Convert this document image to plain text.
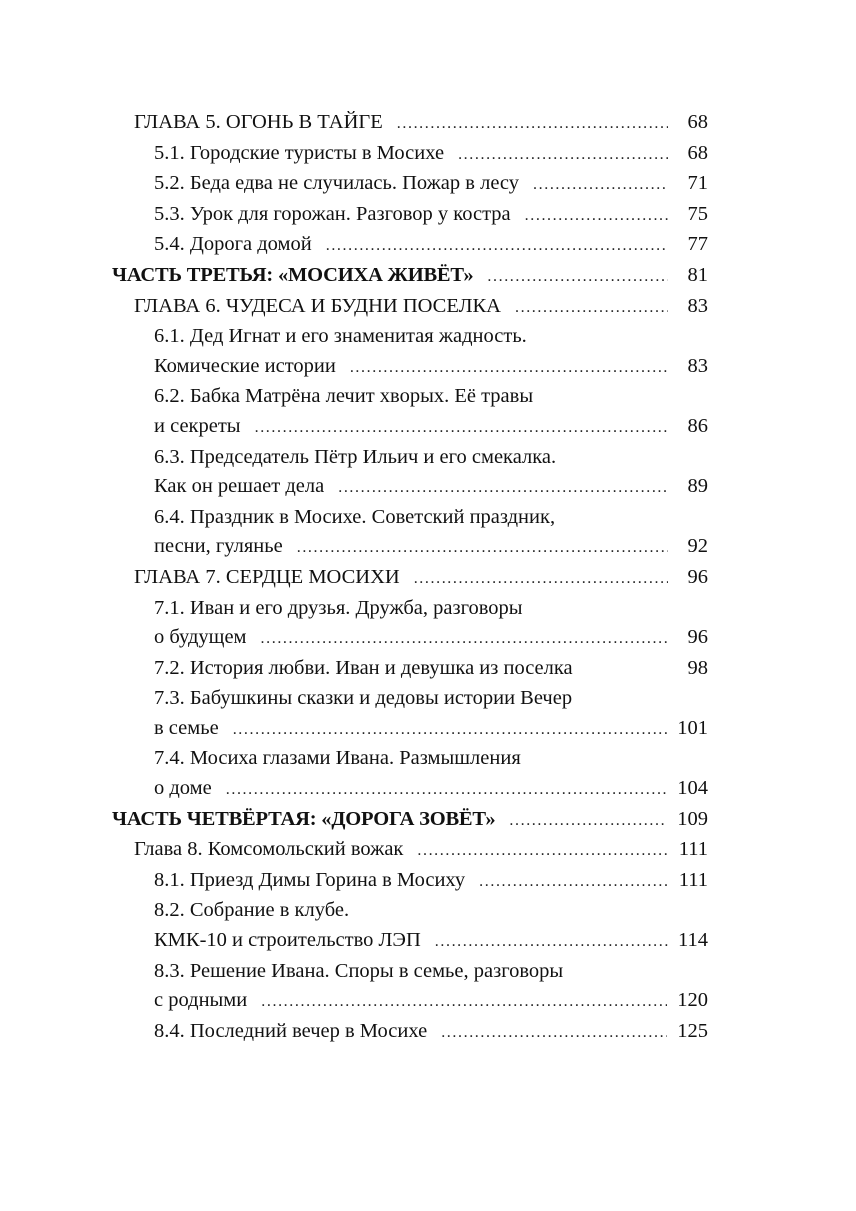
ГЛАВА 5. ОГОНЬ В ТАЙГЕ . . .	68
5.1. Городские туристы в Мосихе . . .	68
5.2. Беда едва не случилась. Пожар в лесу . . .	71
5.3. Урок для горожан. Разговор у костра . . .	75
5.4. Дорога домой . . .	77
ЧАСТЬ ТРЕТЬЯ: «МОСИХА ЖИВЁТ» . . .	81
ГЛАВА 6. ЧУДЕСА И БУДНИ ПОСЕЛКА . . .	83
6.1. Дед Игнат и его знаменитая жадность.
Комические истории . . .	83
6.2. Бабка Матрёна лечит хворых. Её травы
и секреты . . .	86
6.3. Председатель Пётр Ильич и его смекалка.
Как он решает дела . . .	89
6.4. Праздник в Мосихе. Советский праздник,
песни, гулянье . . .	92
ГЛАВА 7. СЕРДЦЕ МОСИХИ . . .	96
7.1. Иван и его друзья. Дружба, разговоры
о будущем . . .	96
7.2. История любви. Иван и девушка из поселка	98
7.3. Бабушкины сказки и дедовы истории Вечер
в семье . . .	101
7.4. Мосиха глазами Ивана. Размышления
о доме . . .	104
ЧАСТЬ ЧЕТВЁРТАЯ: «ДОРОГА ЗОВЁТ» . . .	109
Глава 8. Комсомольский вожак . . .	111
8.1. Приезд Димы Горина в Мосиху . . .	111
8.2. Собрание в клубе.
КМК-10 и строительство ЛЭП . . .	114
8.3. Решение Ивана. Споры в семье, разговоры
с родными . . .	120
8.4. Последний вечер в Мосихе . . .	125
